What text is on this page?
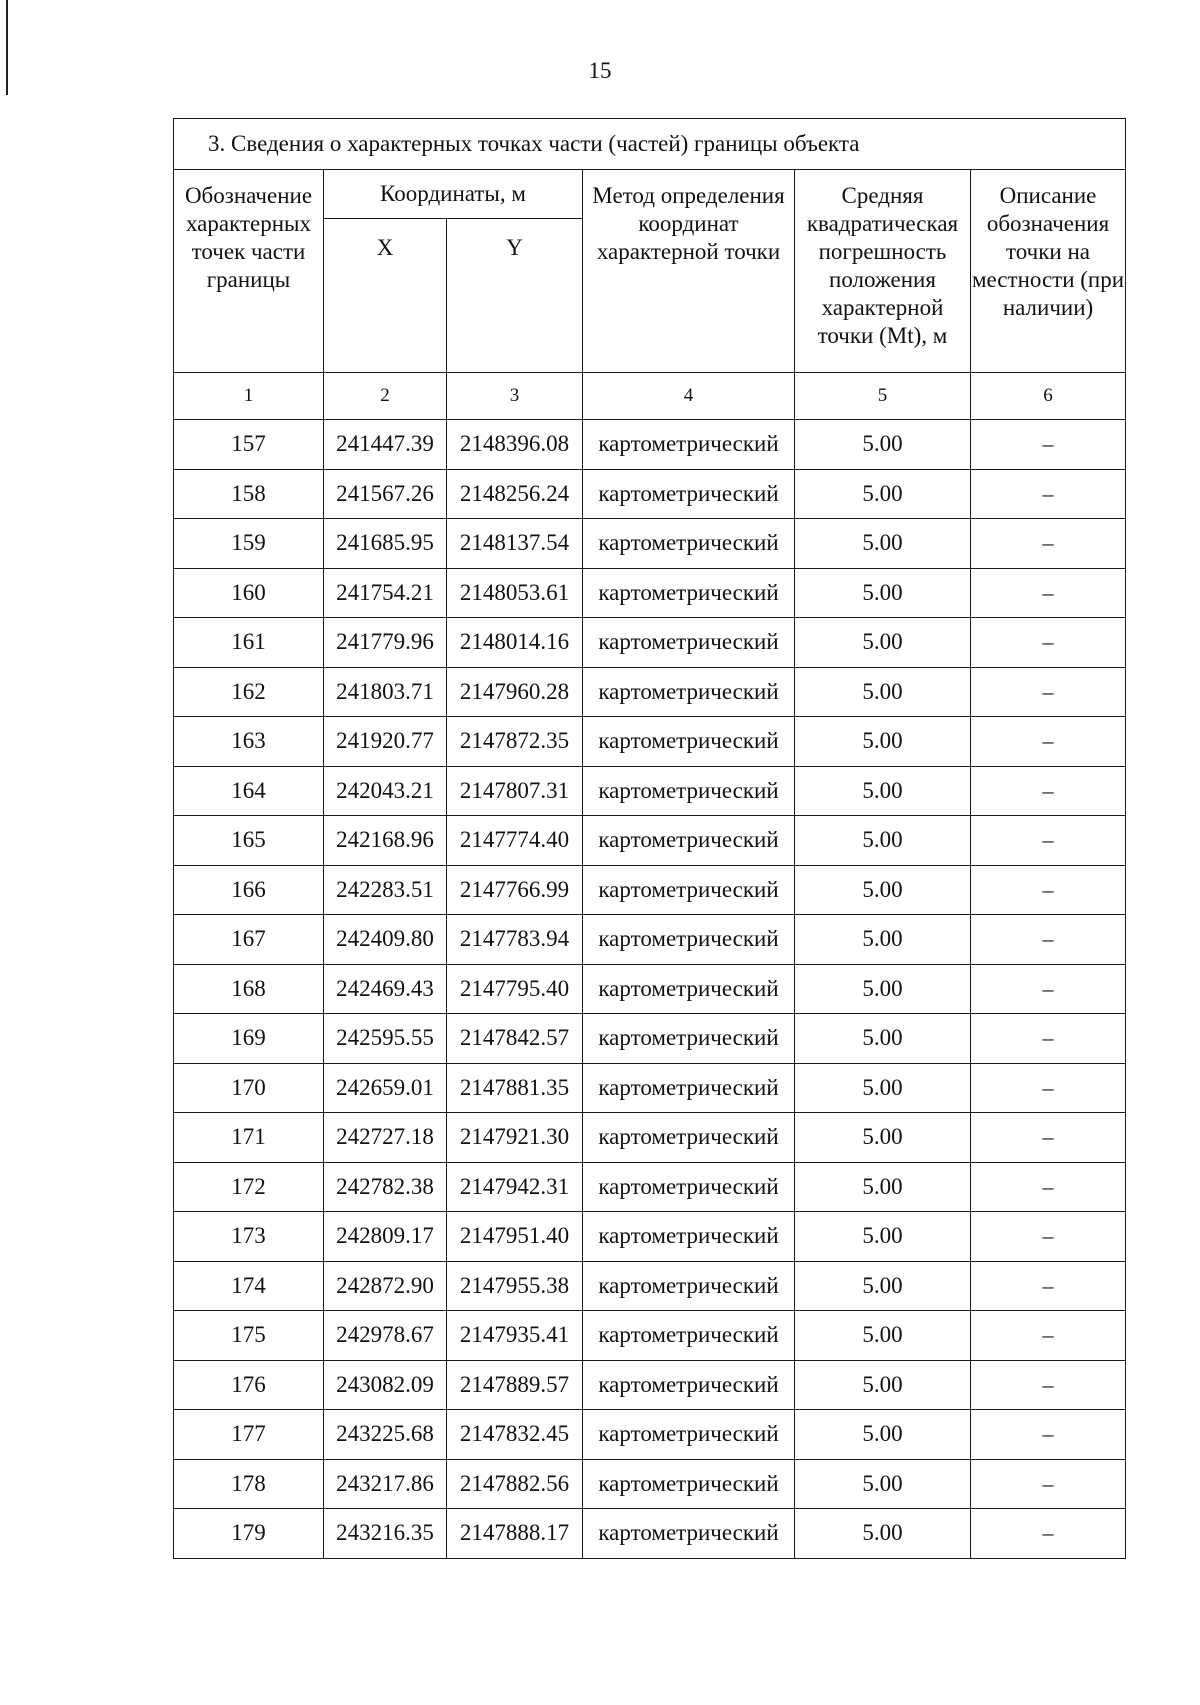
15
3. Сведения о характерных точках части (частей) границы объекта					
Обозначение характерных точек части границы	Координаты, м		Метод определения координат характерной точки	Средняя квадратическая погрешность положения характерной точки (Mt), м	Описание обозначения точки на местности (при наличии)
	X	Y			
1	2	3	4	5	6
157	241447.39	2148396.08	картометрический	5.00	–
158	241567.26	2148256.24	картометрический	5.00	–
159	241685.95	2148137.54	картометрический	5.00	–
160	241754.21	2148053.61	картометрический	5.00	–
161	241779.96	2148014.16	картометрический	5.00	–
162	241803.71	2147960.28	картометрический	5.00	–
163	241920.77	2147872.35	картометрический	5.00	–
164	242043.21	2147807.31	картометрический	5.00	–
165	242168.96	2147774.40	картометрический	5.00	–
166	242283.51	2147766.99	картометрический	5.00	–
167	242409.80	2147783.94	картометрический	5.00	–
168	242469.43	2147795.40	картометрический	5.00	–
169	242595.55	2147842.57	картометрический	5.00	–
170	242659.01	2147881.35	картометрический	5.00	–
171	242727.18	2147921.30	картометрический	5.00	–
172	242782.38	2147942.31	картометрический	5.00	–
173	242809.17	2147951.40	картометрический	5.00	–
174	242872.90	2147955.38	картометрический	5.00	–
175	242978.67	2147935.41	картометрический	5.00	–
176	243082.09	2147889.57	картометрический	5.00	–
177	243225.68	2147832.45	картометрический	5.00	–
178	243217.86	2147882.56	картометрический	5.00	–
179	243216.35	2147888.17	картометрический	5.00	–
